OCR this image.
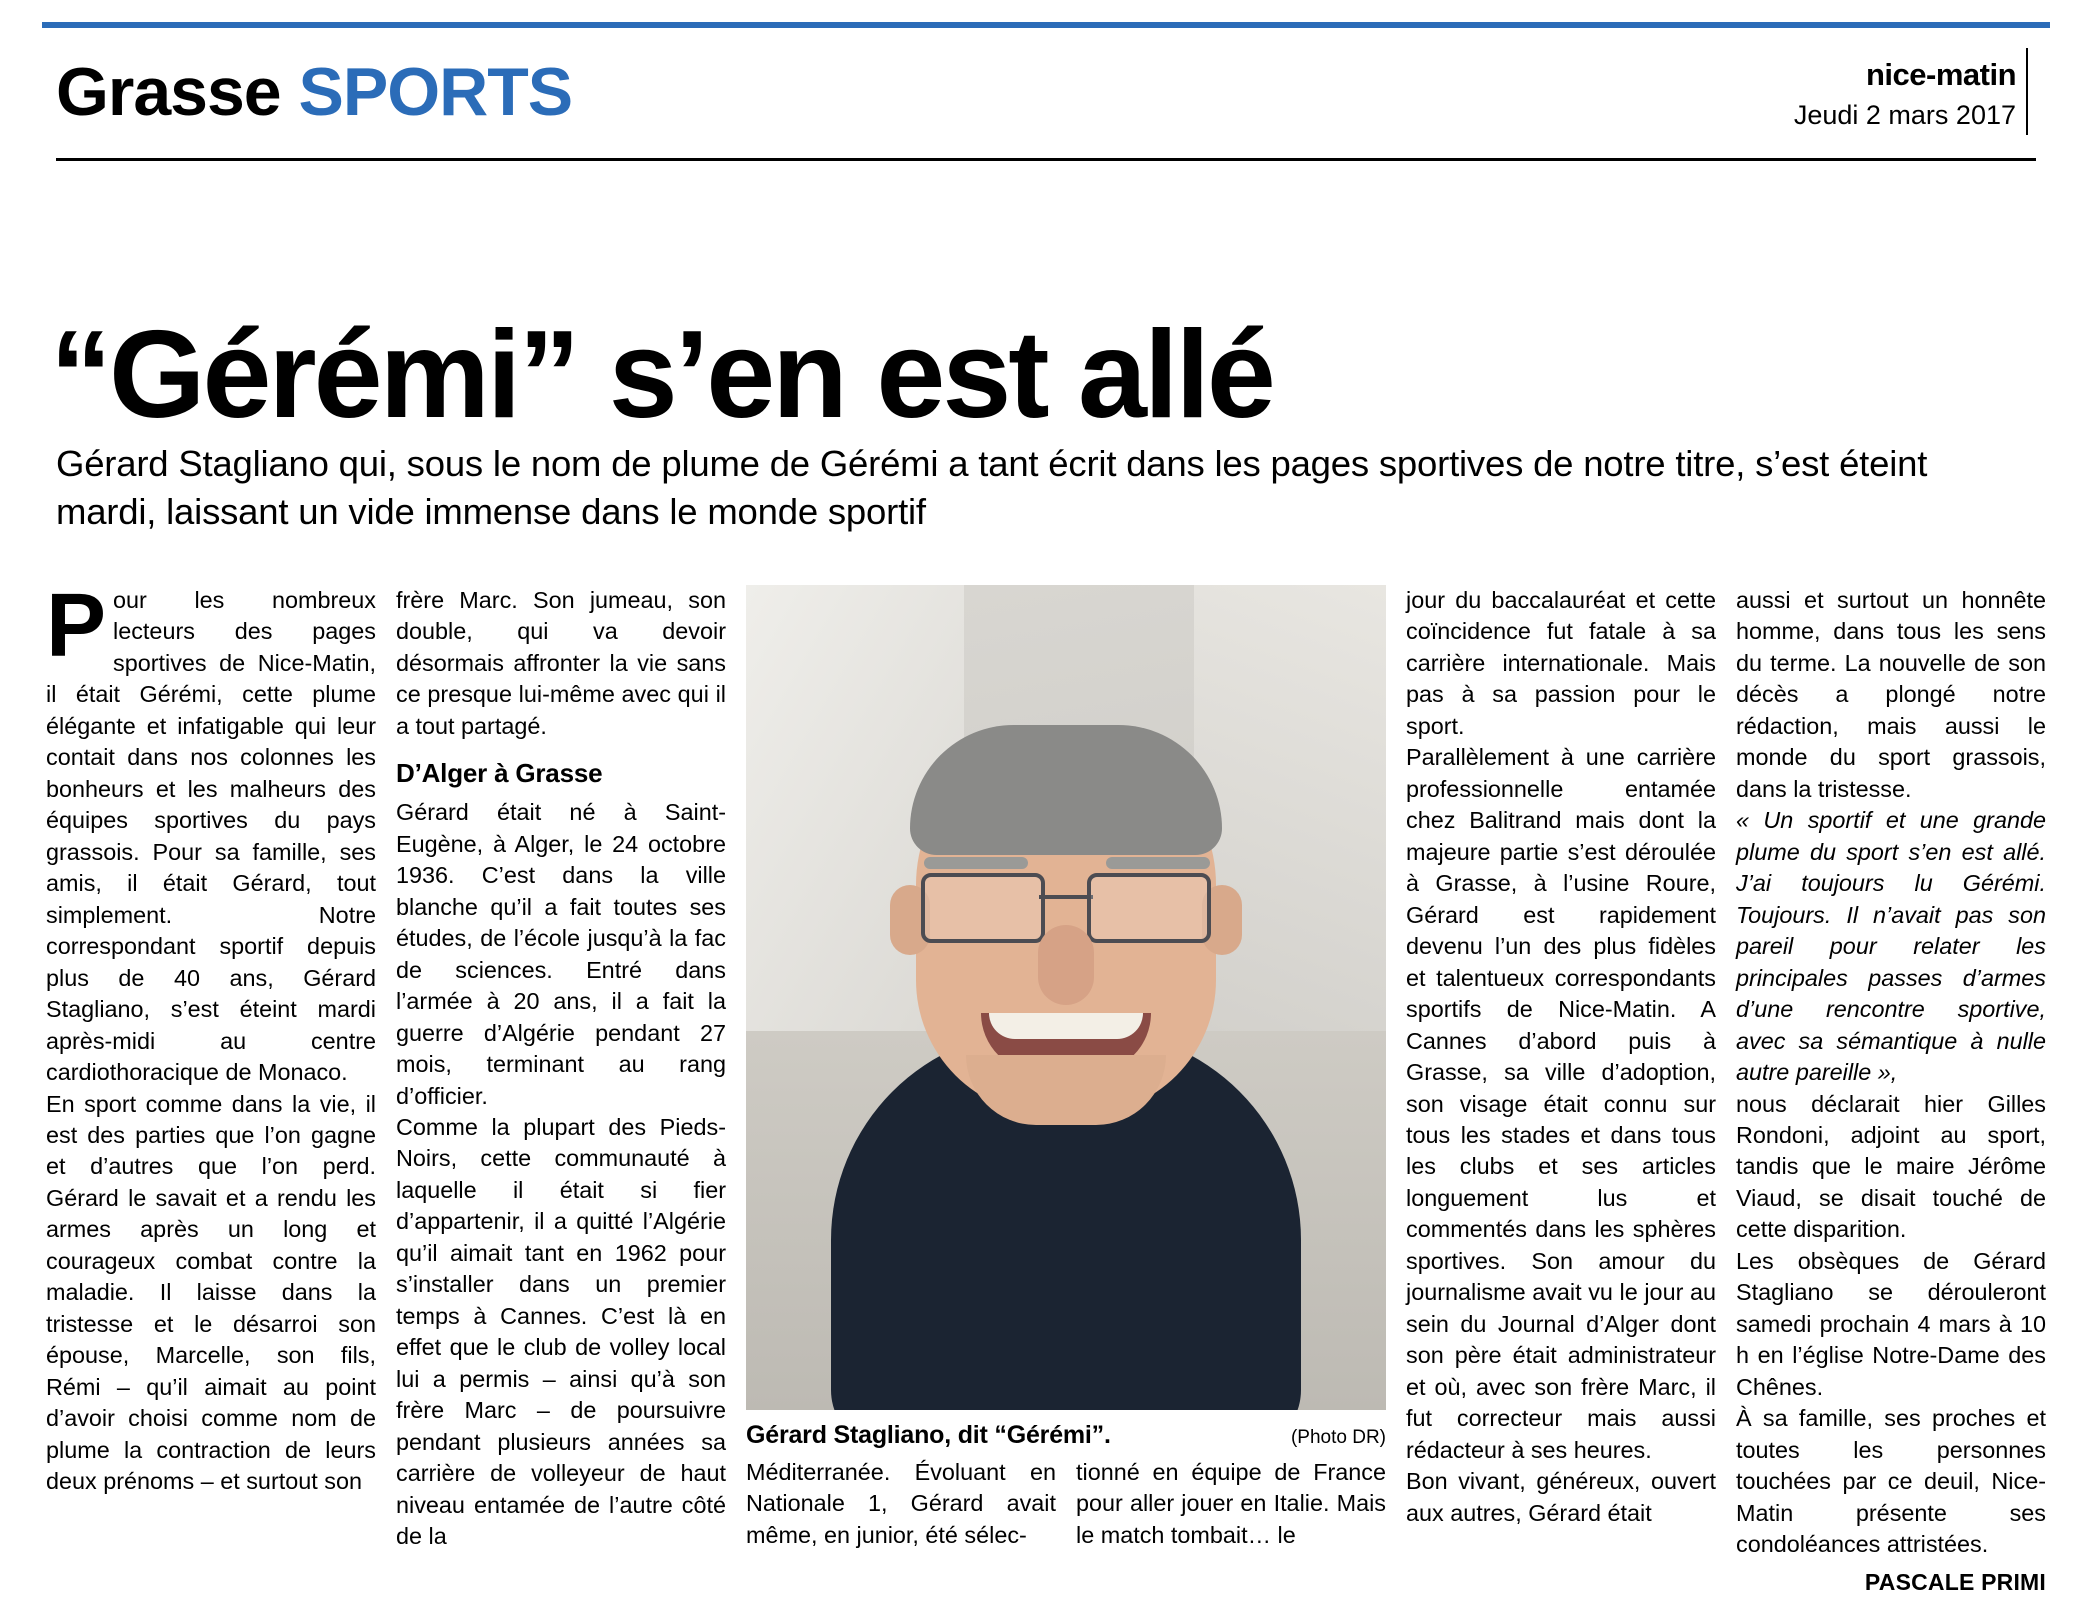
Grasse SPORTS	nice-matin
Jeudi 2 mars 2017
“Gérémi” s’en est allé
Gérard Stagliano qui, sous le nom de plume de Gérémi a tant écrit dans les pages sportives de notre titre, s’est éteint mardi, laissant un vide immense dans le monde sportif

Pour les nombreux lecteurs des pages sportives de Nice-Matin, il était Gérémi, cette plume élégante et infatigable qui leur contait dans nos colonnes les bonheurs et les malheurs des équipes sportives du pays grassois. Pour sa famille, ses amis, il était Gérard, tout simplement. Notre correspondant sportif depuis plus de 40 ans, Gérard Stagliano, s’est éteint mardi après-midi au centre cardiothoracique de Monaco.

En sport comme dans la vie, il est des parties que l’on gagne et d’autres que l’on perd. Gérard le savait et a rendu les armes après un long et courageux combat contre la maladie. Il laisse dans la tristesse et le désarroi son épouse, Marcelle, son fils, Rémi – qu’il aimait au point d’avoir choisi comme nom de plume la contraction de leurs deux prénoms – et surtout son

frère Marc. Son jumeau, son double, qui va devoir désormais affronter la vie sans ce presque lui-même avec qui il a tout partagé.

D’Alger à Grasse

Gérard était né à Saint-Eugène, à Alger, le 24 octobre 1936. C’est dans la ville blanche qu’il a fait toutes ses études, de l’école jusqu’à la fac de sciences. Entré dans l’armée à 20 ans, il a fait la guerre d’Algérie pendant 27 mois, terminant au rang d’officier.

Comme la plupart des Pieds-Noirs, cette communauté à laquelle il était si fier d’appartenir, il a quitté l’Algérie qu’il aimait tant en 1962 pour s’installer dans un premier temps à Cannes. C’est là en effet que le club de volley local lui a permis – ainsi qu’à son frère Marc – de poursuivre pendant plusieurs années sa carrière de volleyeur de haut niveau entamée de l’autre côté de la

Gérard Stagliano, dit “Gérémi”.	(Photo DR)
Méditerranée. Évoluant en Nationale 1, Gérard avait même, en junior, été sélec-
tionné en équipe de France pour aller jouer en Italie. Mais le match tombait… le

jour du baccalauréat et cette coïncidence fut fatale à sa carrière internationale. Mais pas à sa passion pour le sport.

Parallèlement à une carrière professionnelle entamée chez Balitrand mais dont la majeure partie s’est déroulée à Grasse, à l’usine Roure, Gérard est rapidement devenu l’un des plus fidèles et talentueux correspondants sportifs de Nice-Matin. A Cannes d’abord puis à Grasse, sa ville d’adoption, son visage était connu sur tous les stades et dans tous les clubs et ses articles longuement lus et commentés dans les sphères sportives. Son amour du journalisme avait vu le jour au sein du Journal d’Alger dont son père était administrateur et où, avec son frère Marc, il fut correcteur mais aussi rédacteur à ses heures.

Bon vivant, généreux, ouvert aux autres, Gérard était

aussi et surtout un honnête homme, dans tous les sens du terme. La nouvelle de son décès a plongé notre rédaction, mais aussi le monde du sport grassois, dans la tristesse.

« Un sportif et une grande plume du sport s’en est allé. J’ai toujours lu Gérémi. Toujours. Il n’avait pas son pareil pour relater les principales passes d’armes d’une rencontre sportive, avec sa sémantique à nulle autre pareille »,

nous déclarait hier Gilles Rondoni, adjoint au sport, tandis que le maire Jérôme Viaud, se disait touché de cette disparition.

Les obsèques de Gérard Stagliano se dérouleront samedi prochain 4 mars à 10 h en l’église Notre-Dame des Chênes.

À sa famille, ses proches et toutes les personnes touchées par ce deuil, Nice-Matin présente ses condoléances attristées.

PASCALE PRIMI
